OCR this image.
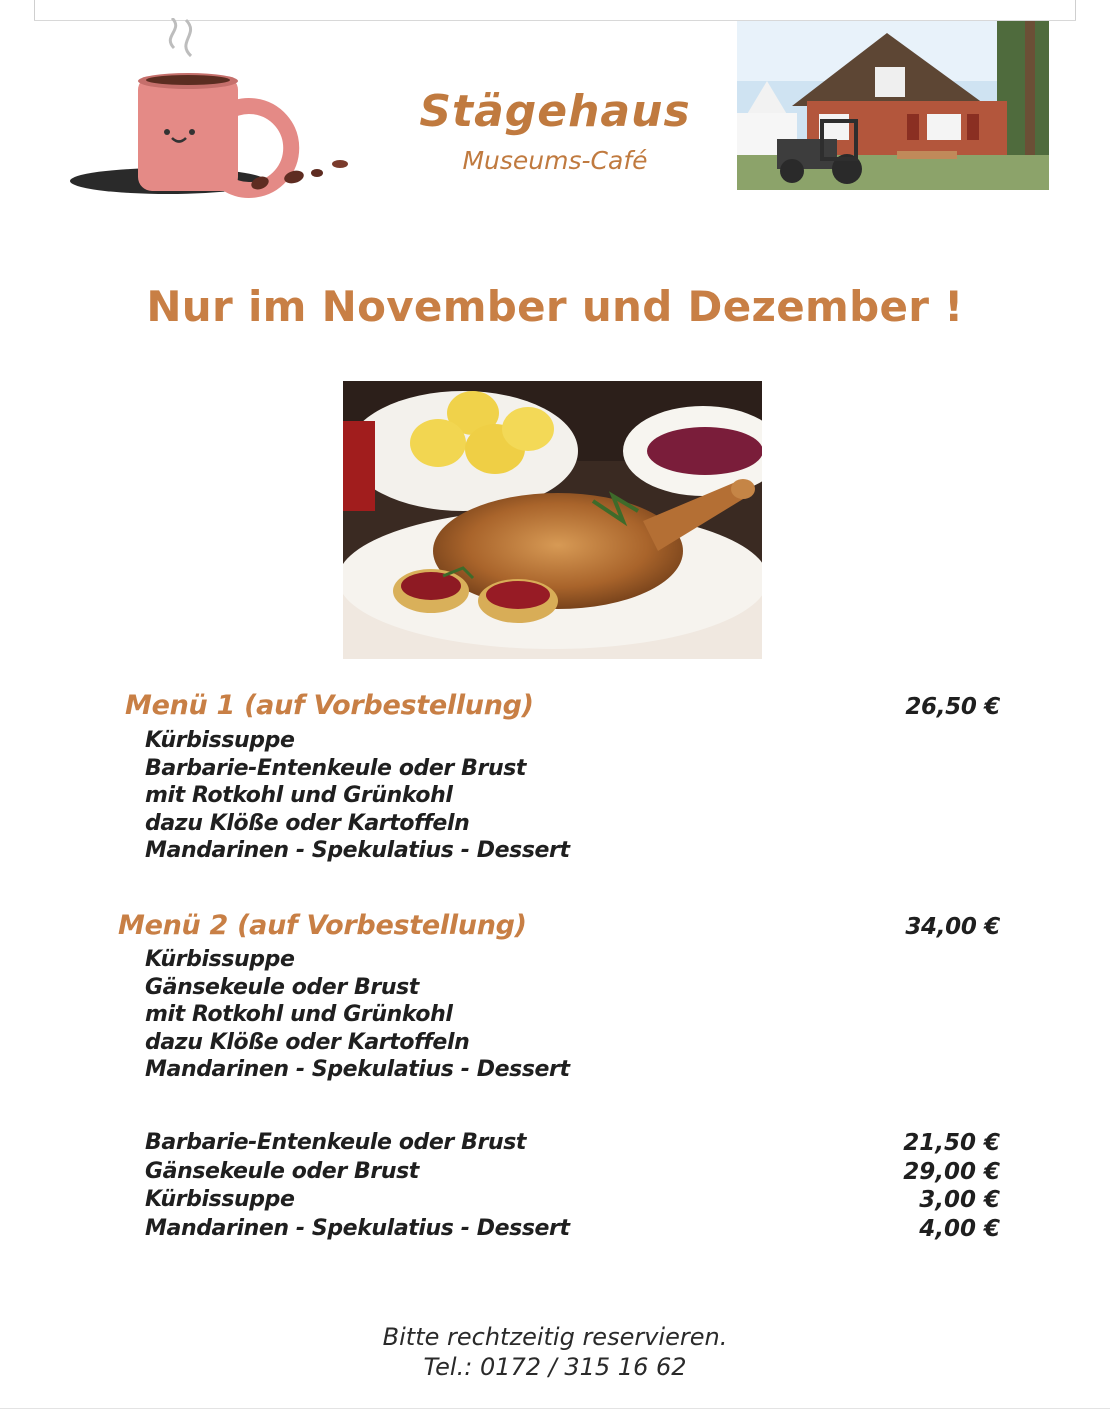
Stägehaus
Museums-Café
Nur im November und Dezember !
Menü 1 (auf Vorbestellung)	26,50 €
Kürbissuppe
Barbarie-Entenkeule oder Brust
mit Rotkohl und Grünkohl
dazu Klöße oder Kartoffeln
Mandarinen - Spekulatius - Dessert
Menü 2 (auf Vorbestellung)	34,00 €
Kürbissuppe
Gänsekeule oder Brust
mit Rotkohl und Grünkohl
dazu Klöße oder Kartoffeln
Mandarinen - Spekulatius - Dessert
Barbarie-Entenkeule oder Brust
Gänsekeule oder Brust
Kürbissuppe
Mandarinen - Spekulatius - Dessert
21,50 €
29,00 €
3,00 €
4,00 €
Bitte rechtzeitig reservieren.
Tel.: 0172 / 315 16 62
